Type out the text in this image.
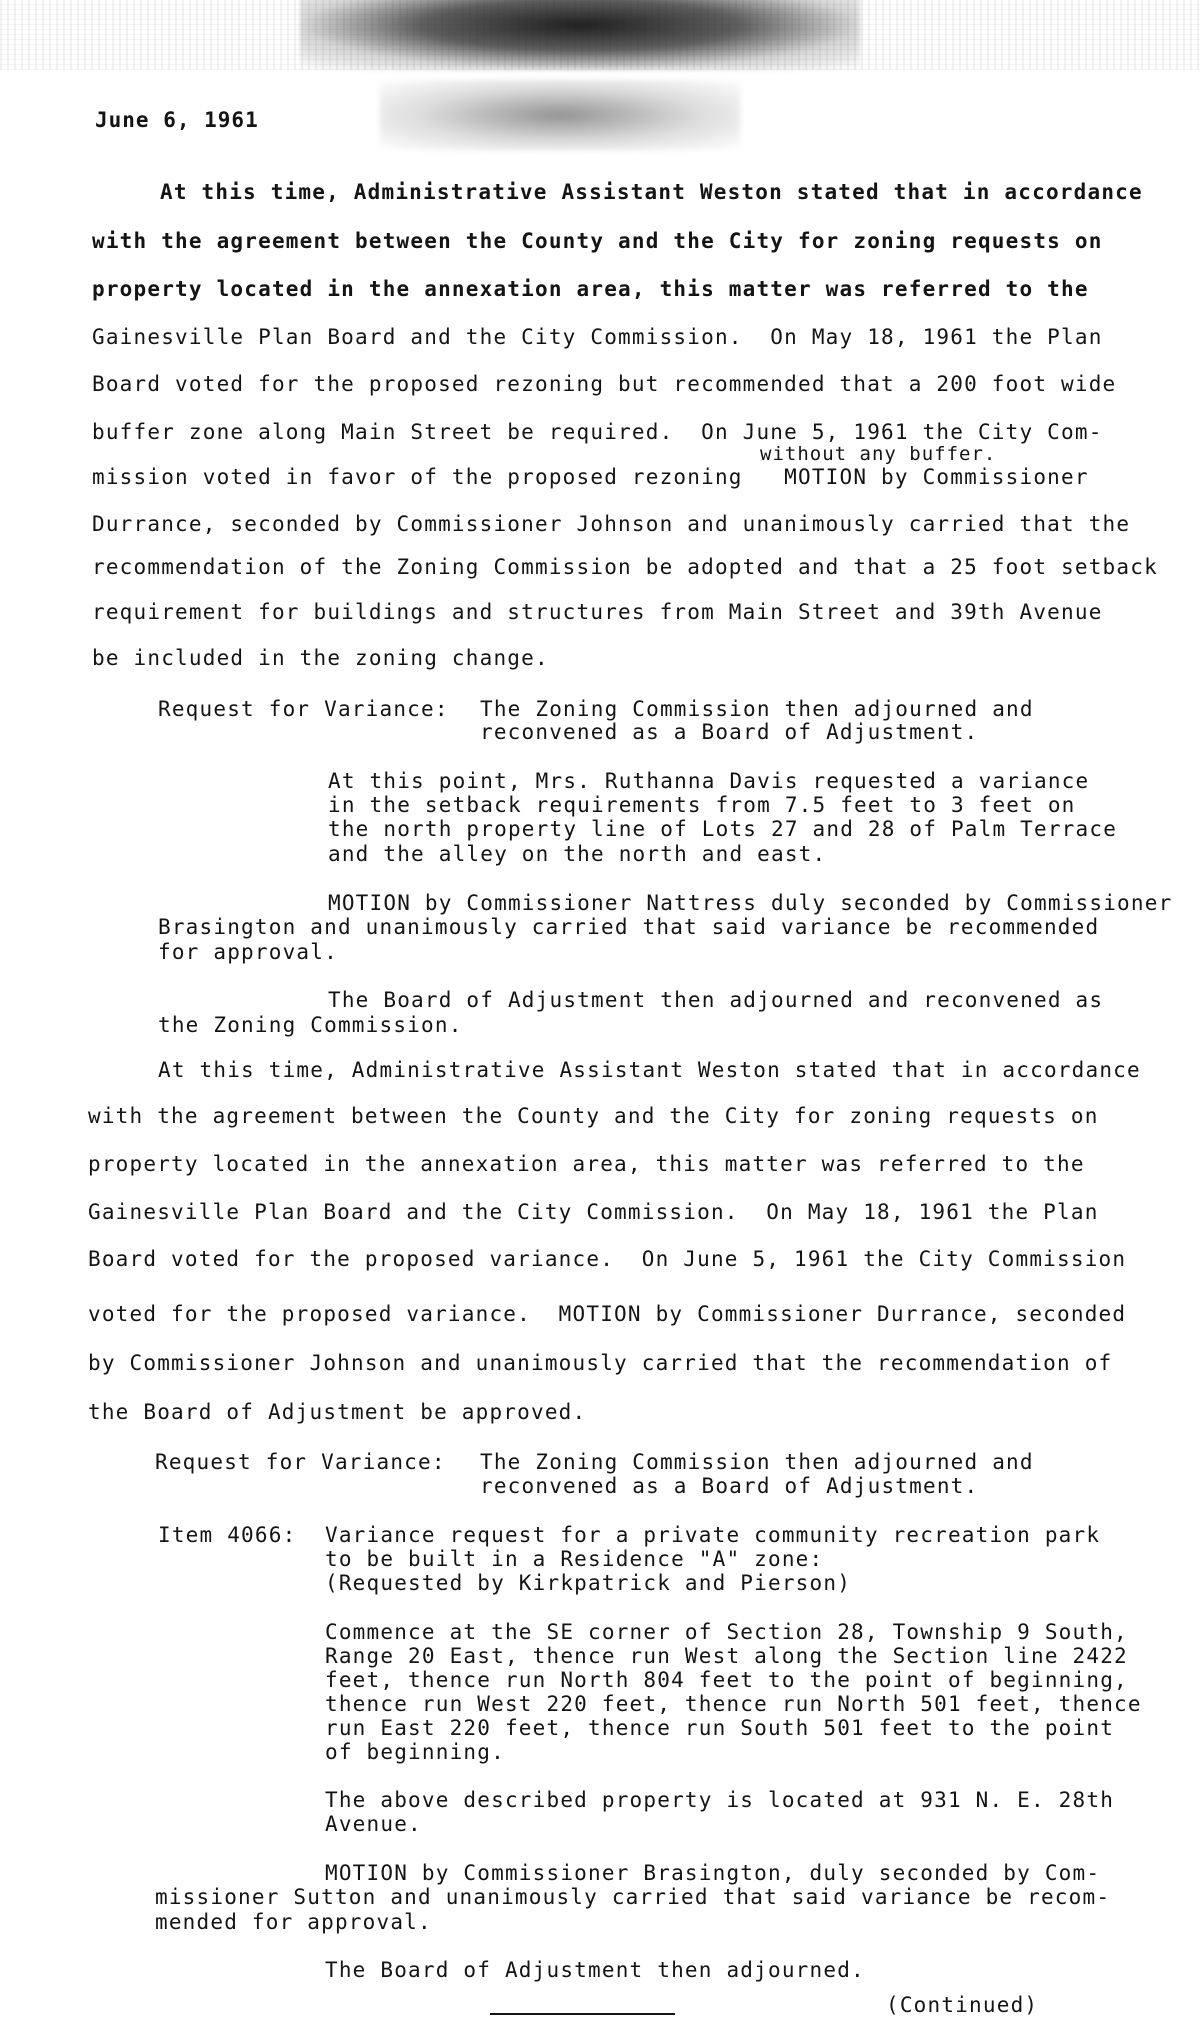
June 6, 1961
At this time, Administrative Assistant Weston stated that in accordance
with the agreement between the County and the City for zoning requests on
property located in the annexation area, this matter was referred to the
Gainesville Plan Board and the City Commission.  On May 18, 1961 the Plan
Board voted for the proposed rezoning but recommended that a 200 foot wide
buffer zone along Main Street be required.  On June 5, 1961 the City Com-
without any buffer.
mission voted in favor of the proposed rezoning   MOTION by Commissioner
Durrance, seconded by Commissioner Johnson and unanimously carried that the
recommendation of the Zoning Commission be adopted and that a 25 foot setback
requirement for buildings and structures from Main Street and 39th Avenue
be included in the zoning change.
Request for Variance: The Zoning Commission then adjourned and
reconvened as a Board of Adjustment.
At this point, Mrs. Ruthanna Davis requested a variance
in the setback requirements from 7.5 feet to 3 feet on
the north property line of Lots 27 and 28 of Palm Terrace
and the alley on the north and east.
MOTION by Commissioner Nattress duly seconded by Commissioner
Brasington and unanimously carried that said variance be recommended
for approval.
The Board of Adjustment then adjourned and reconvened as
the Zoning Commission.
At this time, Administrative Assistant Weston stated that in accordance
with the agreement between the County and the City for zoning requests on
property located in the annexation area, this matter was referred to the
Gainesville Plan Board and the City Commission.  On May 18, 1961 the Plan
Board voted for the proposed variance.  On June 5, 1961 the City Commission
voted for the proposed variance.  MOTION by Commissioner Durrance, seconded
by Commissioner Johnson and unanimously carried that the recommendation of
the Board of Adjustment be approved.
Request for Variance: The Zoning Commission then adjourned and
reconvened as a Board of Adjustment.
Item 4066: Variance request for a private community recreation park
to be built in a Residence "A" zone:
(Requested by Kirkpatrick and Pierson)
Commence at the SE corner of Section 28, Township 9 South,
Range 20 East, thence run West along the Section line 2422
feet, thence run North 804 feet to the point of beginning,
thence run West 220 feet, thence run North 501 feet, thence
run East 220 feet, thence run South 501 feet to the point
of beginning.
The above described property is located at 931 N. E. 28th
Avenue.
MOTION by Commissioner Brasington, duly seconded by Com-
missioner Sutton and unanimously carried that said variance be recom-
mended for approval.
The Board of Adjustment then adjourned.
(Continued)
